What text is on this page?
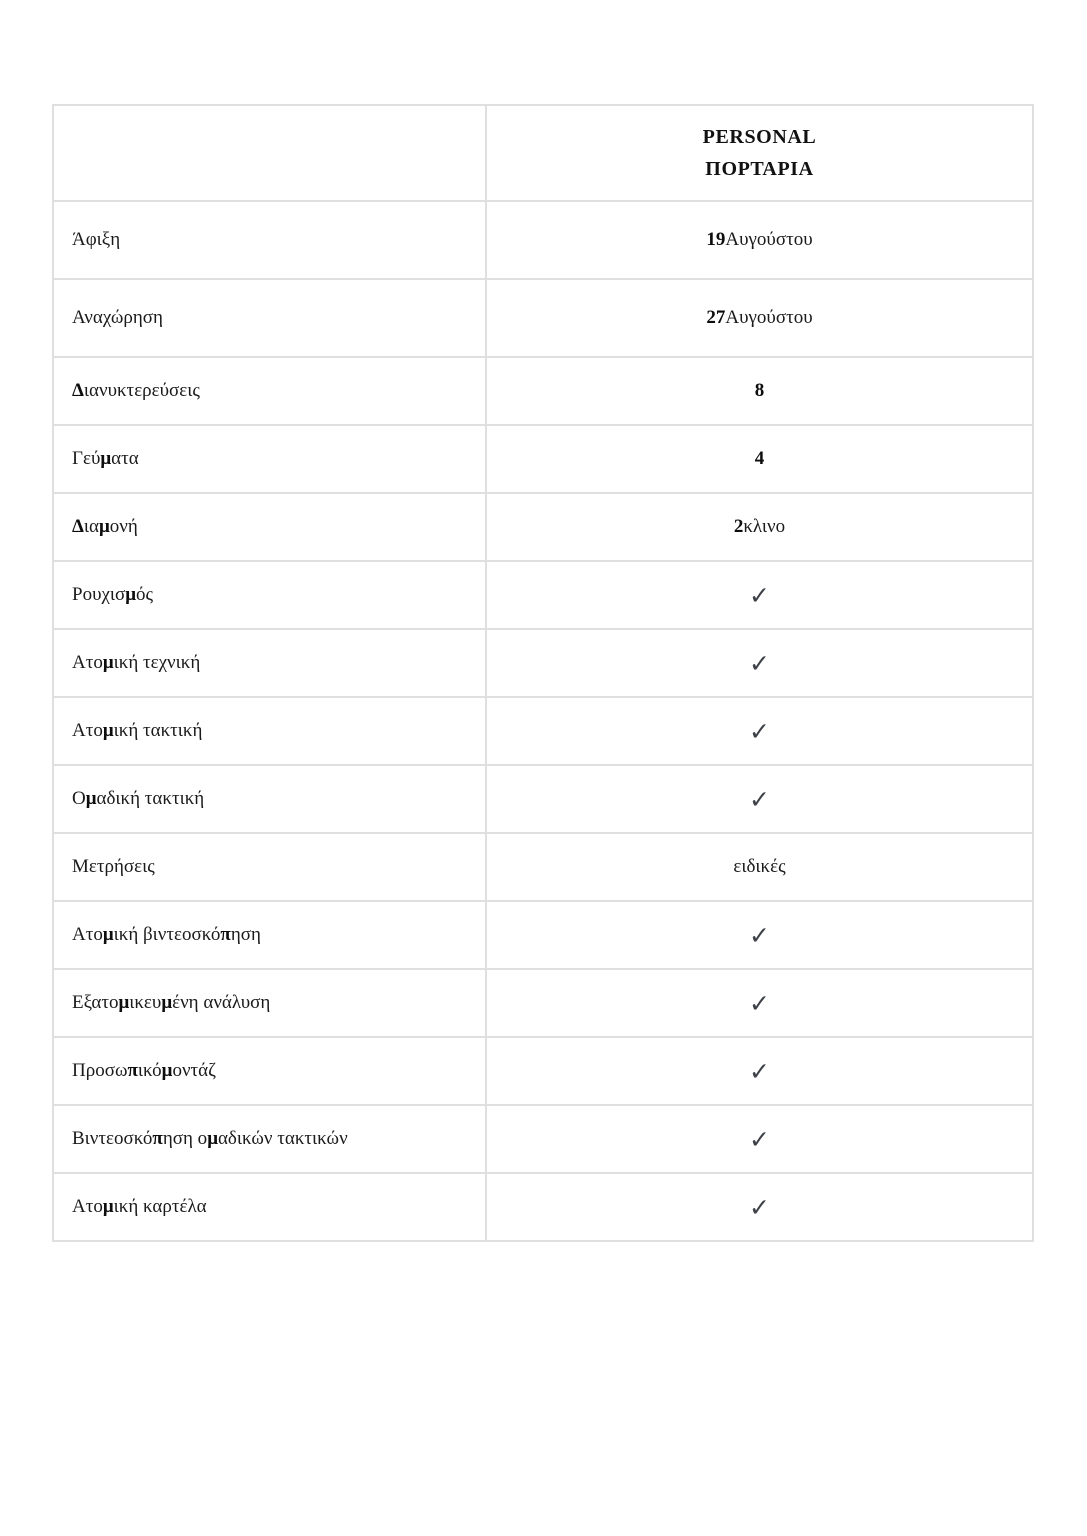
PERSONAL
ΠΟΡΤΑΡΙΑ
Άφιξη	19 Αυγούστου
Αναχώρηση	27 Αυγούστου
Δ ιανυκτερεύσεις	8
Γεύ μ ατα	4
Δ ια μ ονή	2 κλινο
Ρουχισ μ ός	✓
Ατο μ ική τεχνική	✓
Ατο μ ική τακτική	✓
Ο μ αδική τακτική	✓
Μετρήσεις	ειδικές
Ατο μ ική βιντεοσκό π ηση	✓
Εξατο μ ικευ μ ένη ανάλυση	✓
Προσω π ικό μ οντάζ	✓
Βιντεοσκό π ηση ο μ αδικών τακτικών	✓
Ατο μ ική καρτέλα	✓
